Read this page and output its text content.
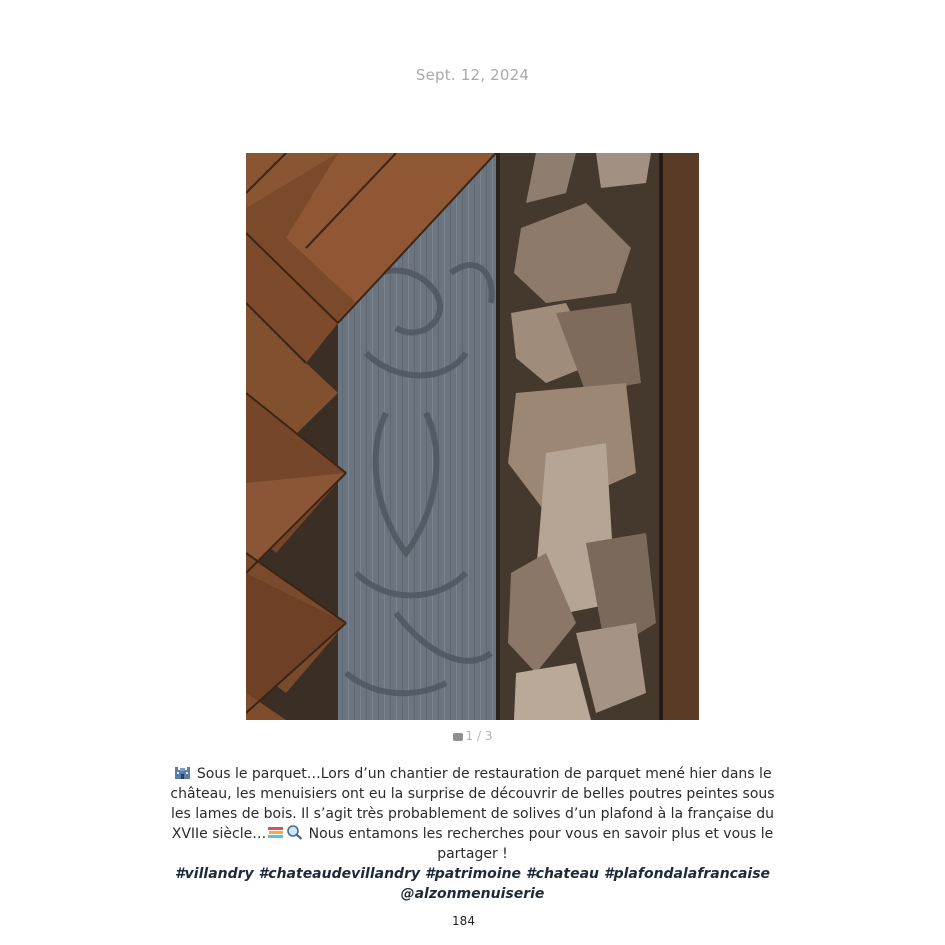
Sept. 12, 2024
1 / 3
Sous le parquet…Lors d’un chantier de restauration de parquet mené hier dans le château, les menuisiers ont eu la surprise de découvrir de belles poutres peintes sous les lames de bois. Il s’agit très probablement de solives d’un plafond à la française du XVIIe siècle…	Nous entamons les recherches pour vous en savoir plus et vous le partager !
#villandry #chateaudevillandry #patrimoine #chateau #plafondalafrancaise
@alzonmenuiserie
184
